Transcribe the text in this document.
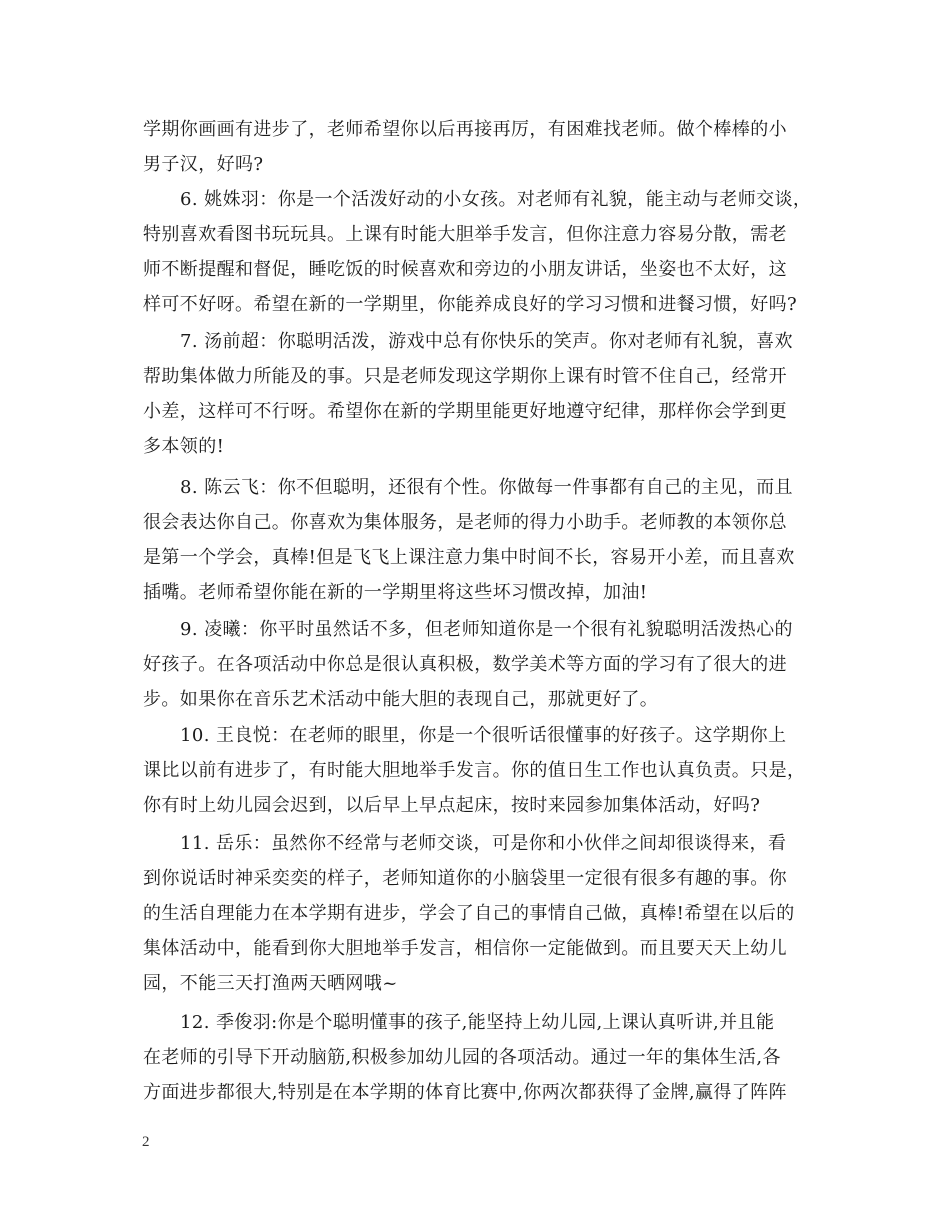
学期你画画有进步了，老师希望你以后再接再厉，有困难找老师。做个棒棒的小
男子汉，好吗?
6. 姚姝羽：你是一个活泼好动的小女孩。对老师有礼貌，能主动与老师交谈，
特别喜欢看图书玩玩具。上课有时能大胆举手发言，但你注意力容易分散，需老
师不断提醒和督促，睡吃饭的时候喜欢和旁边的小朋友讲话，坐姿也不太好，这
样可不好呀。希望在新的一学期里，你能养成良好的学习习惯和进餐习惯，好吗?
7. 汤前超：你聪明活泼，游戏中总有你快乐的笑声。你对老师有礼貌，喜欢
帮助集体做力所能及的事。只是老师发现这学期你上课有时管不住自己，经常开
小差，这样可不行呀。希望你在新的学期里能更好地遵守纪律，那样你会学到更
多本领的!
8. 陈云飞：你不但聪明，还很有个性。你做每一件事都有自己的主见，而且
很会表达你自己。你喜欢为集体服务，是老师的得力小助手。老师教的本领你总
是第一个学会，真棒!但是飞飞上课注意力集中时间不长，容易开小差，而且喜欢
插嘴。老师希望你能在新的一学期里将这些坏习惯改掉，加油!
9. 凌曦：你平时虽然话不多，但老师知道你是一个很有礼貌聪明活泼热心的
好孩子。在各项活动中你总是很认真积极，数学美术等方面的学习有了很大的进
步。如果你在音乐艺术活动中能大胆的表现自己，那就更好了。
10. 王良悦：在老师的眼里，你是一个很听话很懂事的好孩子。这学期你上
课比以前有进步了，有时能大胆地举手发言。你的值日生工作也认真负责。只是，
你有时上幼儿园会迟到，以后早上早点起床，按时来园参加集体活动，好吗?
11. 岳乐：虽然你不经常与老师交谈，可是你和小伙伴之间却很谈得来，看
到你说话时神采奕奕的样子，老师知道你的小脑袋里一定很有很多有趣的事。你
的生活自理能力在本学期有进步，学会了自己的事情自己做，真棒!希望在以后的
集体活动中，能看到你大胆地举手发言，相信你一定能做到。而且要天天上幼儿
园，不能三天打渔两天晒网哦~
12. 季俊羽:你是个聪明懂事的孩子,能坚持上幼儿园,上课认真听讲,并且能
在老师的引导下开动脑筋,积极参加幼儿园的各项活动。通过一年的集体生活,各
方面进步都很大,特别是在本学期的体育比赛中,你两次都获得了金牌,赢得了阵阵
2
